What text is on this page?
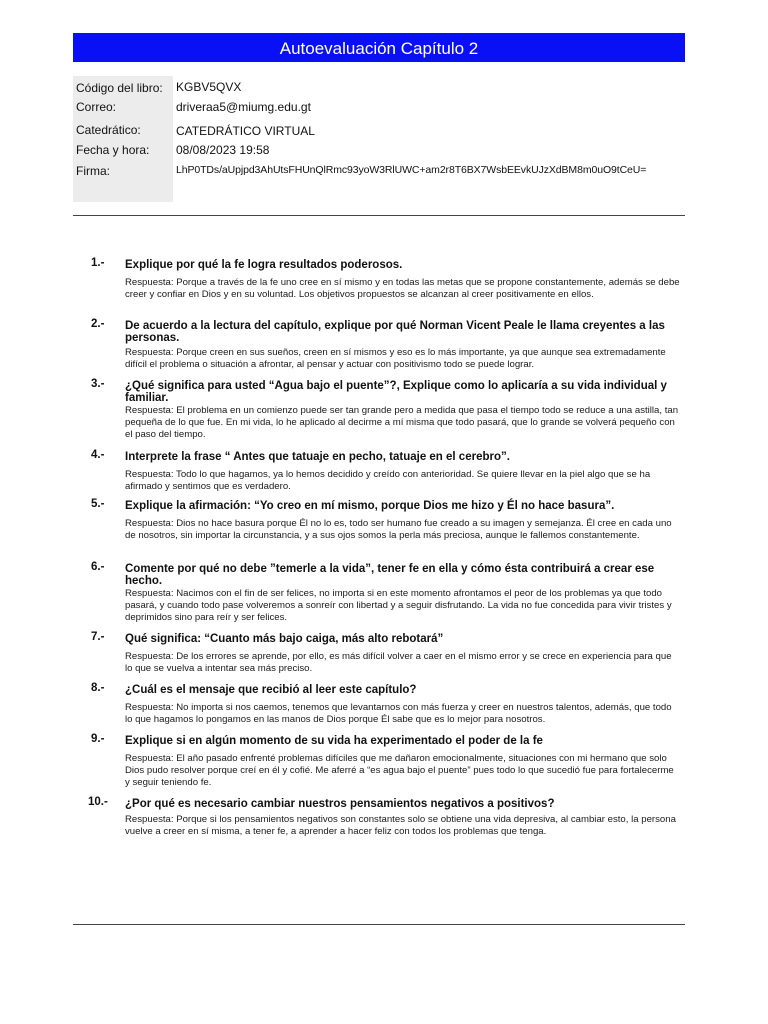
Autoevaluación Capítulo 2
Código del libro: KGBV5QVX
Correo:	driveraa5@miumg.edu.gt
Catedrático:	CATEDRÁTICO VIRTUAL
Fecha y hora: 08/08/2023 19:58
Firma:	LhP0TDs/aUpjpd3AhUtsFHUnQlRmc93yoW3RlUWC+am2r8T6BX7WsbEEvkUJzXdBM8m0uO9tCeU=
1.- Explique por qué la fe logra resultados poderosos.
Respuesta: Porque a través de la fe uno cree en sí mismo y en todas las metas que se propone constantemente, además se debe creer y confiar en Dios y en su voluntad. Los objetivos propuestos se alcanzan al creer positivamente en ellos.
2.- De acuerdo a la lectura del capítulo, explique por qué Norman Vicent Peale le llama creyentes a las personas.
Respuesta: Porque creen en sus sueños, creen en sí mismos y eso es lo más importante, ya que aunque sea extremadamente difícil el problema o situación a afrontar, al pensar y actuar con positivismo todo se puede lograr.
3.- ¿Qué significa para usted “Agua bajo el puente”?, Explique como lo aplicaría a su vida individual y familiar.
Respuesta: El problema en un comienzo puede ser tan grande pero a medida que pasa el tiempo todo se reduce a una astilla, tan pequeña de lo que fue. En mi vida, lo he aplicado al decirme a mí misma que todo pasará, que lo grande se volverá pequeño con el paso del tiempo.
4.- Interprete la frase “ Antes que tatuaje en pecho, tatuaje en el cerebro”.
Respuesta: Todo lo que hagamos, ya lo hemos decidido y creído con anterioridad. Se quiere llevar en la piel algo que se ha afirmado y sentimos que es verdadero.
5.- Explique la afirmación: “Yo creo en mí mismo, porque Dios me hizo y Él no hace basura”.
Respuesta: Dios no hace basura porque Él no lo es, todo ser humano fue creado a su imagen y semejanza. Él cree en cada uno de nosotros, sin importar la circunstancia, y a sus ojos somos la perla más preciosa, aunque le fallemos constantemente.
6.- Comente por qué no debe ”temerle a la vida”, tener fe en ella y cómo ésta contribuirá a crear ese hecho.
Respuesta: Nacimos con el fin de ser felices, no importa si en este momento afrontamos el peor de los problemas ya que todo pasará, y cuando todo pase volveremos a sonreír con libertad y a seguir disfrutando. La vida no fue concedida para vivir tristes y deprimidos sino para reír y ser felices.
7.- Qué significa: “Cuanto más bajo caiga, más alto rebotará”
Respuesta: De los errores se aprende, por ello, es más difícil volver a caer en el mismo error y se crece en experiencia para que lo que se vuelva a intentar sea más preciso.
8.- ¿Cuál es el mensaje que recibió al leer este capítulo?
Respuesta: No importa si nos caemos, tenemos que levantarnos con más fuerza y creer en nuestros talentos, además, que todo lo que hagamos lo pongamos en las manos de Dios porque Él sabe que es lo mejor para nosotros.
9.- Explique si en algún momento de su vida ha experimentado el poder de la fe
Respuesta: El año pasado enfrenté problemas difíciles que me dañaron emocionalmente, situaciones con mi hermano que solo Dios pudo resolver porque creí en él y cofié. Me aferré a “es agua bajo el puente” pues todo lo que sucedió fue para fortalecerme y seguir teniendo fe.
10.- ¿Por qué es necesario cambiar nuestros pensamientos negativos a positivos?
Respuesta: Porque si los pensamientos negativos son constantes solo se obtiene una vida depresiva, al cambiar esto, la persona vuelve a creer en sí misma, a tener fe, a aprender a hacer feliz con todos los problemas que tenga.
